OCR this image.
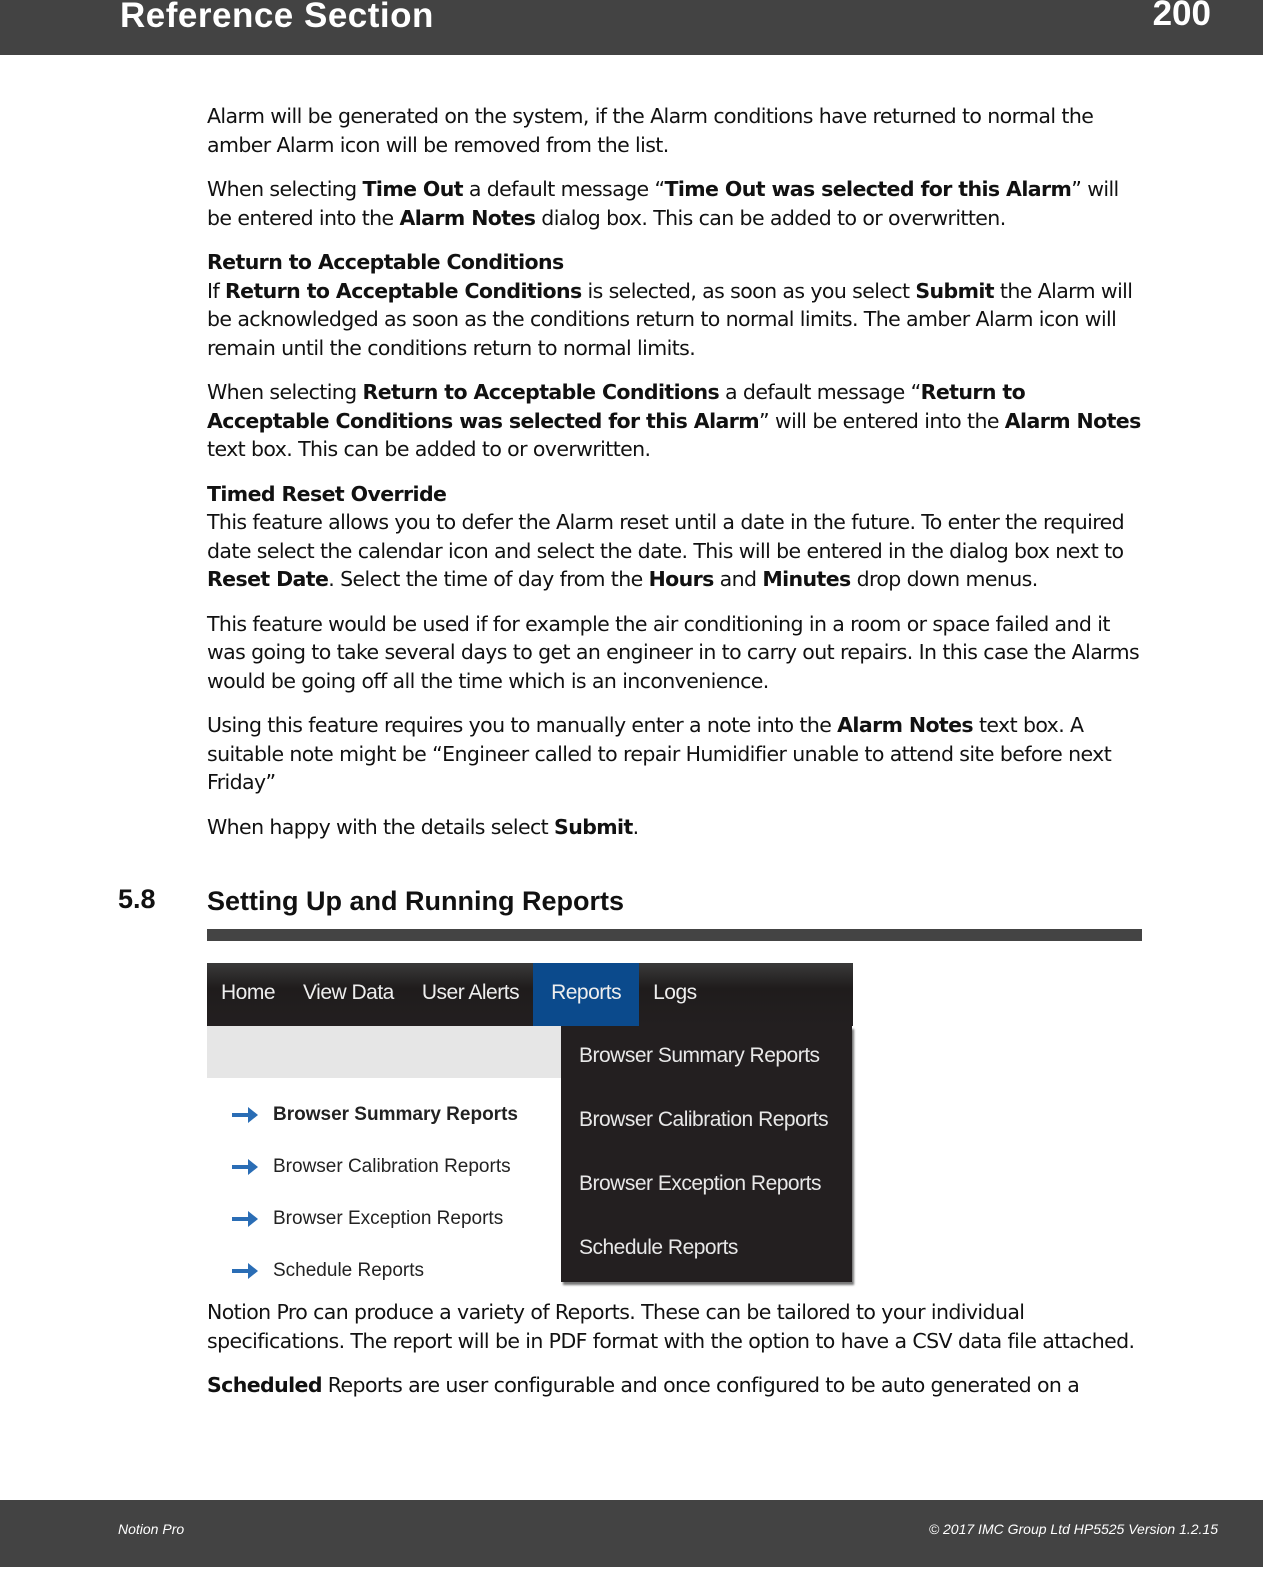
Reference Section	200

Alarm will be generated on the system, if the Alarm conditions have returned to normal the amber Alarm icon will be removed from the list.

When selecting Time Out a default message “Time Out was selected for this Alarm” will be entered into the Alarm Notes dialog box. This can be added to or overwritten.

Return to Acceptable Conditions
If Return to Acceptable Conditions is selected, as soon as you select Submit the Alarm will be acknowledged as soon as the conditions return to normal limits. The amber Alarm icon will remain until the conditions return to normal limits.

When selecting Return to Acceptable Conditions a default message “Return to Acceptable Conditions was selected for this Alarm” will be entered into the Alarm Notes text box. This can be added to or overwritten.

Timed Reset Override
This feature allows you to defer the Alarm reset until a date in the future. To enter the required date select the calendar icon and select the date. This will be entered in the dialog box next to Reset Date. Select the time of day from the Hours and Minutes drop down menus.

This feature would be used if for example the air conditioning in a room or space failed and it was going to take several days to get an engineer in to carry out repairs. In this case the Alarms would be going off all the time which is an inconvenience.

Using this feature requires you to manually enter a note into the Alarm Notes text box. A suitable note might be “Engineer called to repair Humidifier unable to attend site before next Friday”

When happy with the details select Submit.

5.8 Setting Up and Running Reports
Home	View Data	User Alerts	Reports	Logs
Browser Summary Reports
Browser Calibration Reports
Browser Exception Reports
Schedule Reports
Browser Summary Reports
Browser Calibration Reports
Browser Exception Reports
Schedule Reports

Notion Pro can produce a variety of Reports. These can be tailored to your individual specifications. The report will be in PDF format with the option to have a CSV data file attached.

Scheduled Reports are user configurable and once configured to be auto generated on a

Notion Pro	© 2017 IMC Group Ltd HP5525 Version 1.2.15
